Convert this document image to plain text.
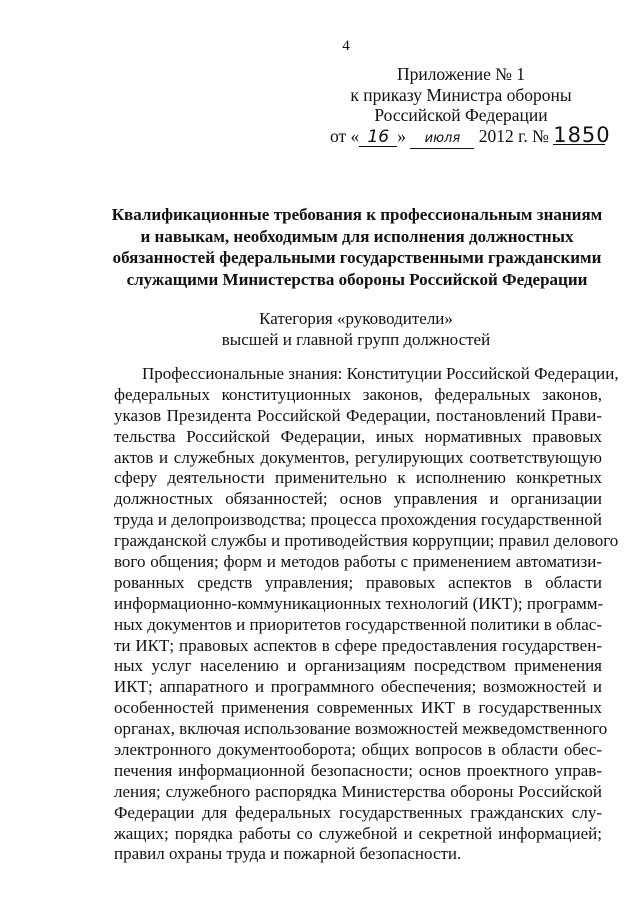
4
Приложение № 1
к приказу Министра обороны
Российской Федерации
от « 16 » июля 2012 г. № 1850
Квалификационные требования к профессиональным знаниям
и навыкам, необходимым для исполнения должностных
обязанностей федеральными государственными гражданскими
служащими Министерства обороны Российской Федерации
Категория «руководители»
высшей и главной групп должностей
Профессиональные знания: Конституции Российской Федерации,
федеральных конституционных законов, федеральных законов,
указов Президента Российской Федерации, постановлений Прави-
тельства Российской Федерации, иных нормативных правовых
актов и служебных документов, регулирующих соответствующую
сферу деятельности применительно к исполнению конкретных
должностных обязанностей; основ управления и организации
труда и делопроизводства; процесса прохождения государственной
гражданской службы и противодействия коррупции; правил делового
вого общения; форм и методов работы с применением автоматизи-
рованных средств управления; правовых аспектов в области
информационно-коммуникационных технологий (ИКТ); программ-
ных документов и приоритетов государственной политики в облас-
ти ИКТ; правовых аспектов в сфере предоставления государствен-
ных услуг населению и организациям посредством применения
ИКТ; аппаратного и программного обеспечения; возможностей и
особенностей применения современных ИКТ в государственных
органах, включая использование возможностей межведомственного
электронного документооборота; общих вопросов в области обес-
печения информационной безопасности; основ проектного управ-
ления; служебного распорядка Министерства обороны Российской
Федерации для федеральных государственных гражданских слу-
жащих; порядка работы со служебной и секретной информацией;
правил охраны труда и пожарной безопасности.
